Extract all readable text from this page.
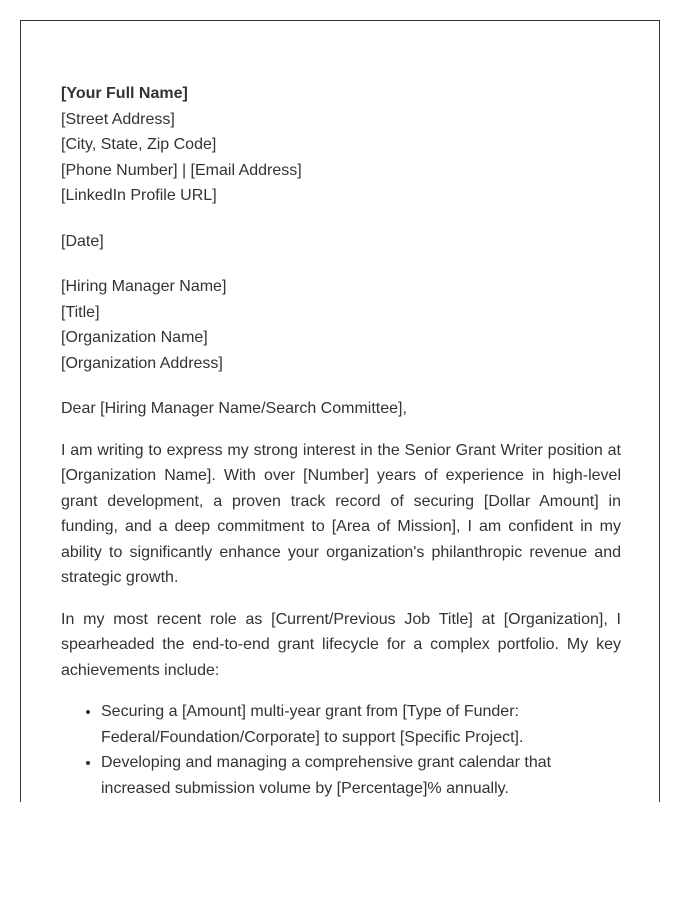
[Your Full Name]
[Street Address]
[City, State, Zip Code]
[Phone Number] | [Email Address]
[LinkedIn Profile URL]
[Date]
[Hiring Manager Name]
[Title]
[Organization Name]
[Organization Address]

Dear [Hiring Manager Name/Search Committee],

I am writing to express my strong interest in the Senior Grant Writer position at [Organization Name]. With over [Number] years of experience in high-level grant development, a proven track record of securing [Dollar Amount] in funding, and a deep commitment to [Area of Mission], I am confident in my ability to significantly enhance your organization's philanthropic revenue and strategic growth.

In my most recent role as [Current/Previous Job Title] at [Organization], I spearheaded the end-to-end grant lifecycle for a complex portfolio. My key achievements include:

• Securing a [Amount] multi-year grant from [Type of Funder: Federal/Foundation/Corporate] to support [Specific Project].
• Developing and managing a comprehensive grant calendar that increased submission volume by [Percentage]% annually.
